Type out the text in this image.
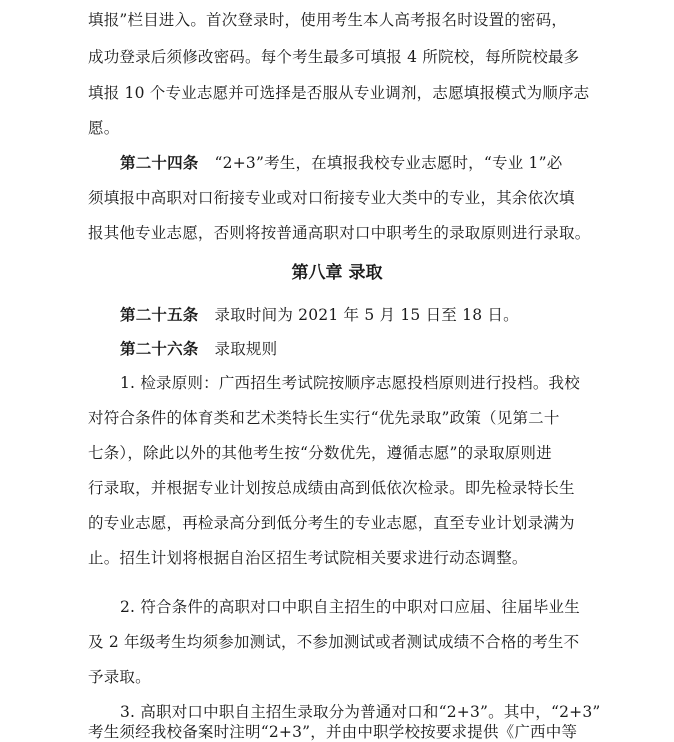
填报”栏目进入。首次登录时，使用考生本人高考报名时设置的密码，
成功登录后须修改密码。每个考生最多可填报 4 所院校，每所院校最多
填报 10 个专业志愿并可选择是否服从专业调剂，志愿填报模式为顺序志
愿。
第二十四条 “2+3”考生，在填报我校专业志愿时，“专业 1”必
须填报中高职对口衔接专业或对口衔接专业大类中的专业，其余依次填
报其他专业志愿，否则将按普通高职对口中职考生的录取原则进行录取。
第八章 录取
第二十五条 录取时间为 2021 年 5 月 15 日至 18 日。
第二十六条 录取规则
1. 检录原则：广西招生考试院按顺序志愿投档原则进行投档。我校
对符合条件的体育类和艺术类特长生实行“优先录取”政策（见第二十
七条），除此以外的其他考生按“分数优先，遵循志愿”的录取原则进
行录取，并根据专业计划按总成绩由高到低依次检录。即先检录特长生
的专业志愿，再检录高分到低分考生的专业志愿，直至专业计划录满为
止。招生计划将根据自治区招生考试院相关要求进行动态调整。
2. 符合条件的高职对口中职自主招生的中职对口应届、往届毕业生
及 2 年级考生均须参加测试，不参加测试或者测试成绩不合格的考生不
予录取。
3. 高职对口中职自主招生录取分为普通对口和“2+3”。其中，“2+3”
考生须经我校备案时注明“2+3”，并由中职学校按要求提供《广西中等
